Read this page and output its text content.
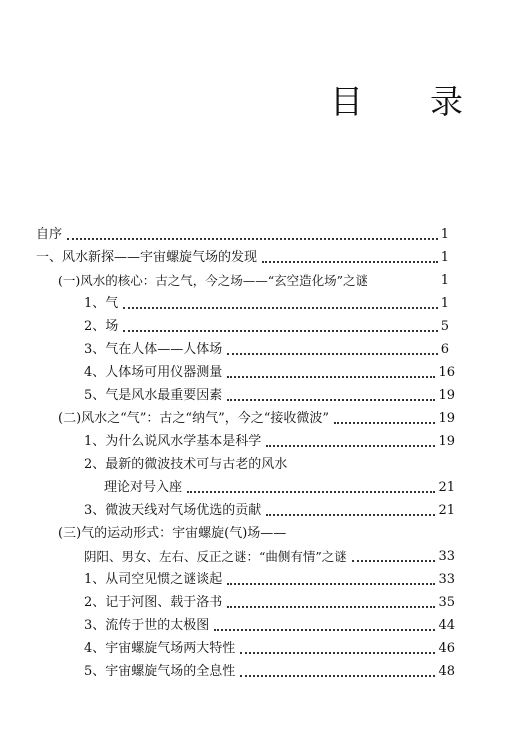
目 录
自序	1
一、风水新探——宇宙螺旋气场的发现	1
(一)风水的核心：古之气，今之场——“玄空造化场”之谜	1
1、气	1
2、场	5
3、气在人体——人体场	6
4、人体场可用仪器测量	16
5、气是风水最重要因素	19
(二)风水之“气”：古之“纳气”，今之“接收微波”	19
1、为什么说风水学基本是科学	19
2、最新的微波技术可与古老的风水
理论对号入座	21
3、微波天线对气场优选的贡献	21
(三)气的运动形式：宇宙螺旋(气)场——
阴阳、男女、左右、反正之谜：“曲侧有情”之谜	33
1、从司空见惯之谜谈起	33
2、记于河图、载于洛书	35
3、流传于世的太极图	44
4、宇宙螺旋气场两大特性	46
5、宇宙螺旋气场的全息性	48
